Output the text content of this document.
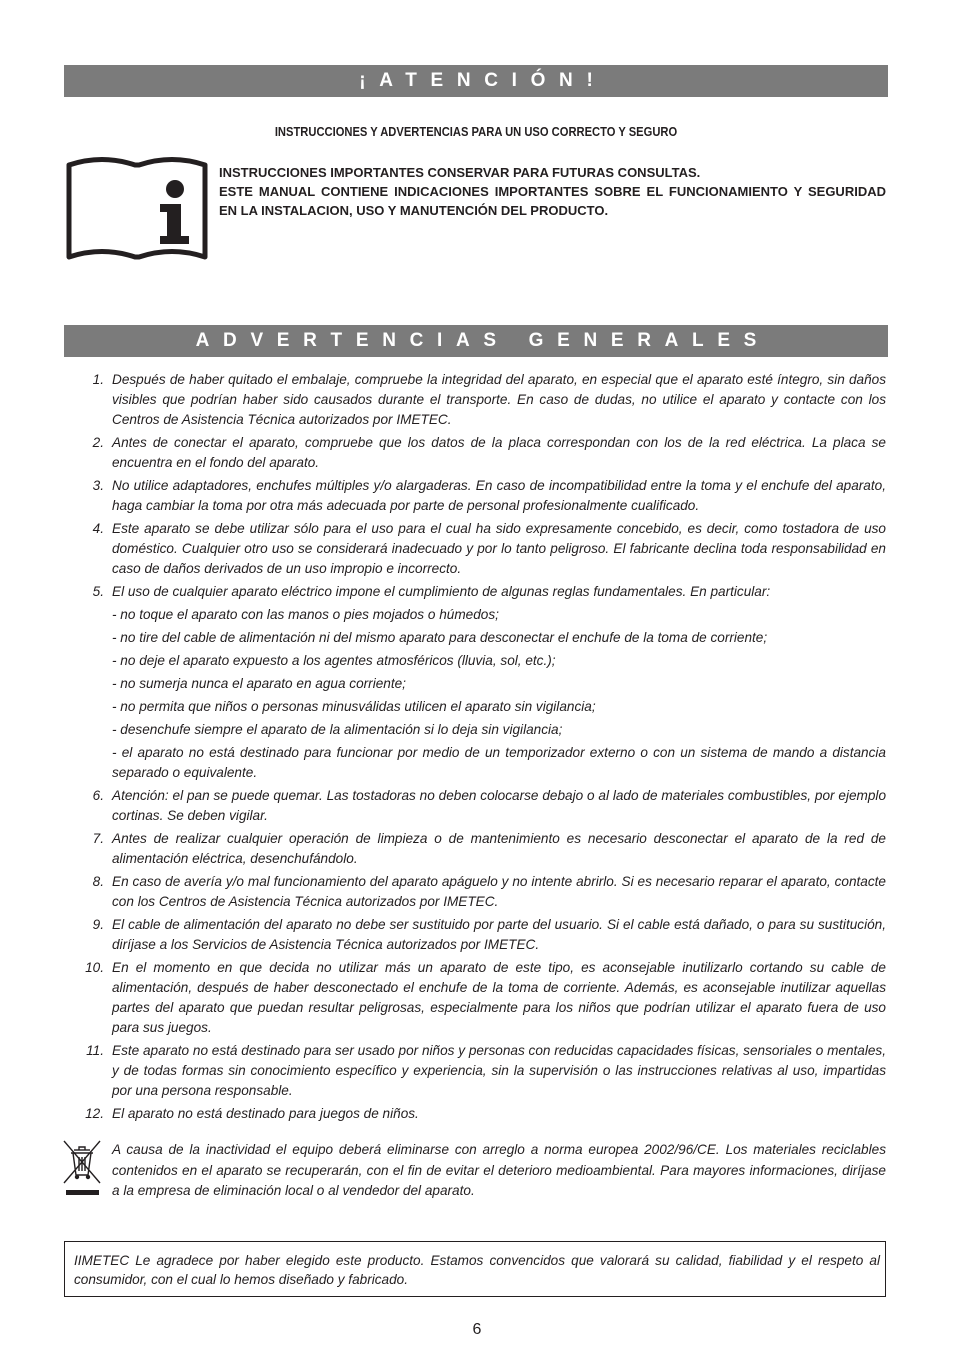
¡ATENCIÓN!
INSTRUCCIONES Y ADVERTENCIAS PARA UN USO CORRECTO Y SEGURO

INSTRUCCIONES IMPORTANTES CONSERVAR PARA FUTURAS CONSULTAS.

ESTE MANUAL CONTIENE INDICACIONES IMPORTANTES SOBRE EL FUNCIONAMIENTO Y SEGURIDAD EN LA INSTALACION, USO Y MANUTENCIÓN DEL PRODUCTO.

ADVERTENCIAS GENERALES
1. Después de haber quitado el embalaje, compruebe la integridad del aparato, en especial que el aparato esté íntegro, sin daños visibles que podrían haber sido causados durante el transporte. En caso de dudas, no utilice el aparato y contacte con los Centros de Asistencia Técnica autorizados por IMETEC.
2. Antes de conectar el aparato, compruebe que los datos de la placa correspondan con los de la red eléctrica. La placa se encuentra en el fondo del aparato.
3. No utilice adaptadores, enchufes múltiples y/o alargaderas. En caso de incompatibilidad entre la toma y el enchufe del aparato, haga cambiar la toma por otra más adecuada por parte de personal profesionalmente cualificado.
4. Este aparato se debe utilizar sólo para el uso para el cual ha sido expresamente concebido, es decir, como tostadora de uso doméstico. Cualquier otro uso se considerará inadecuado y por lo tanto peligroso. El fabricante declina toda responsabilidad en caso de daños derivados de un uso impropio e incorrecto.
5. El uso de cualquier aparato eléctrico impone el cumplimiento de algunas reglas fundamentales. En particular:
- no toque el aparato con las manos o pies mojados o húmedos;
- no tire del cable de alimentación ni del mismo aparato para desconectar el enchufe de la toma de corriente;
- no deje el aparato expuesto a los agentes atmosféricos (lluvia, sol, etc.);
- no sumerja nunca el aparato en agua corriente;
- no permita que niños o personas minusválidas utilicen el aparato sin vigilancia;
- desenchufe siempre el aparato de la alimentación si lo deja sin vigilancia;
- el aparato no está destinado para funcionar por medio de un temporizador externo o con un sistema de mando a distancia separado o equivalente.
6. Atención: el pan se puede quemar. Las tostadoras no deben colocarse debajo o al lado de materiales combustibles, por ejemplo cortinas. Se deben vigilar.
7. Antes de realizar cualquier operación de limpieza o de mantenimiento es necesario desconectar el aparato de la red de alimentación eléctrica, desenchufándolo.
8. En caso de avería y/o mal funcionamiento del aparato apáguelo y no intente abrirlo. Si es necesario reparar el aparato, contacte con los Centros de Asistencia Técnica autorizados por IMETEC.
9. El cable de alimentación del aparato no debe ser sustituido por parte del usuario. Si el cable está dañado, o para su sustitución, diríjase a los Servicios de Asistencia Técnica autorizados por IMETEC.
10. En el momento en que decida no utilizar más un aparato de este tipo, es aconsejable inutilizarlo cortando su cable de alimentación, después de haber desconectado el enchufe de la toma de corriente. Además, es aconsejable inutilizar aquellas partes del aparato que puedan resultar peligrosas, especialmente para los niños que podrían utilizar el aparato fuera de uso para sus juegos.
11. Este aparato no está destinado para ser usado por niños y personas con reducidas capacidades físicas, sensoriales o mentales, y de todas formas sin conocimiento específico y experiencia, sin la supervisión o las instrucciones relativas al uso, impartidas por una persona responsable.
12. El aparato no está destinado para juegos de niños.
A causa de la inactividad el equipo deberá eliminarse con arreglo a norma europea 2002/96/CE. Los materiales reciclables contenidos en el aparato se recuperarán, con el fin de evitar el deterioro medioambiental. Para mayores informaciones, diríjase a la empresa de eliminación local o al vendedor del aparato.

IIMETEC Le agradece por haber elegido este producto. Estamos convencidos que valorará su calidad, fiabilidad y el respeto al consumidor, con el cual lo hemos diseñado y fabricado.

6
